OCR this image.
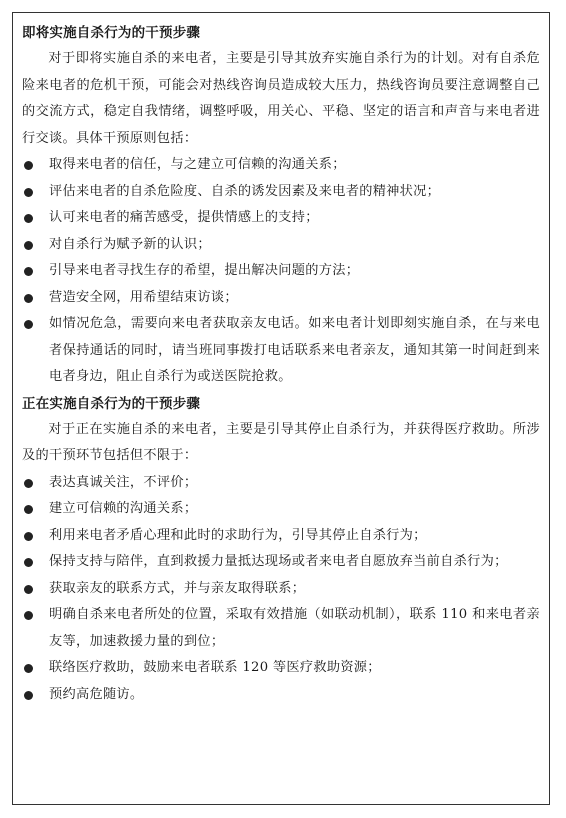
即将实施自杀行为的干预步骤

对于即将实施自杀的来电者，主要是引导其放弃实施自杀行为的计划。对有自杀危险来电者的危机干预，可能会对热线咨询员造成较大压力，热线咨询员要注意调整自己的交流方式，稳定自我情绪，调整呼吸，用关心、平稳、坚定的语言和声音与来电者进行交谈。具体干预原则包括：

取得来电者的信任，与之建立可信赖的沟通关系；
评估来电者的自杀危险度、自杀的诱发因素及来电者的精神状况；
认可来电者的痛苦感受，提供情感上的支持；
对自杀行为赋予新的认识；
引导来电者寻找生存的希望，提出解决问题的方法；
营造安全网，用希望结束访谈；
如情况危急，需要向来电者获取亲友电话。如来电者计划即刻实施自杀，在与来电者保持通话的同时，请当班同事拨打电话联系来电者亲友，通知其第一时间赶到来电者身边，阻止自杀行为或送医院抢救。
正在实施自杀行为的干预步骤

对于正在实施自杀的来电者，主要是引导其停止自杀行为，并获得医疗救助。所涉及的干预环节包括但不限于：

表达真诚关注，不评价；
建立可信赖的沟通关系；
利用来电者矛盾心理和此时的求助行为，引导其停止自杀行为；
保持支持与陪伴，直到救援力量抵达现场或者来电者自愿放弃当前自杀行为；
获取亲友的联系方式，并与亲友取得联系；
明确自杀来电者所处的位置，采取有效措施（如联动机制），联系 110 和来电者亲友等，加速救援力量的到位；
联络医疗救助，鼓励来电者联系 120 等医疗救助资源；
预约高危随访。
